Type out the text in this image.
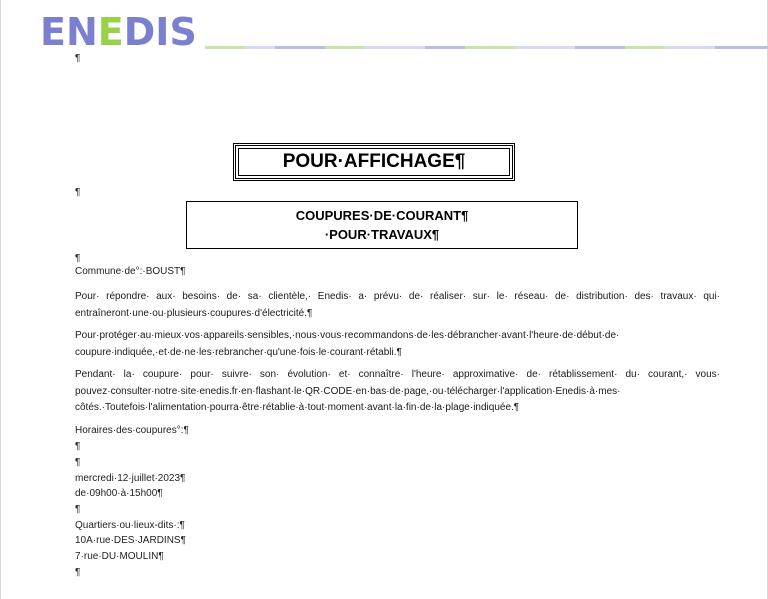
E N E D I S
¶
POUR·AFFICHAGE¶
¶
COUPURES·DE·COURANT¶
·POUR·TRAVAUX¶
¶
Commune·de°:·BOUST¶
Pour· répondre· aux· besoins· de· sa· clientèle,· Enedis· a· prévu· de· réaliser· sur· le· réseau· de· distribution· des· travaux· qui· entraîneront·une·ou·plusieurs·coupures·d'électricité.¶
Pour·protéger·au·mieux·vos·appareils·sensibles,·nous·vous·recommandons·de·les·débrancher·avant·l'heure·de·début·de· coupure·indiquée,·et·de·ne·les·rebrancher·qu'une·fois·le·courant·rétabli.¶
Pendant· la· coupure· pour· suivre· son· évolution· et· connaître· l'heure· approximative· de· rétablissement· du· courant,· vous· pouvez·consulter·notre·site·enedis.fr·en·flashant·le·QR·CODE·en·bas·de·page,·ou·télécharger·l'application·Enedis·à·mes· côtés.·Toutefois·l'alimentation·pourra·être·rétablie·à·tout·moment·avant·la·fin·de·la·plage·indiquée.¶
Horaires·des·coupures°:¶
¶
¶
mercredi·12·juillet·2023¶
de·09h00·à·15h00¶
¶
Quartiers·ou·lieux-dits·:¶
10A·rue·DES·JARDINS¶
7·rue·DU·MOULIN¶
¶
